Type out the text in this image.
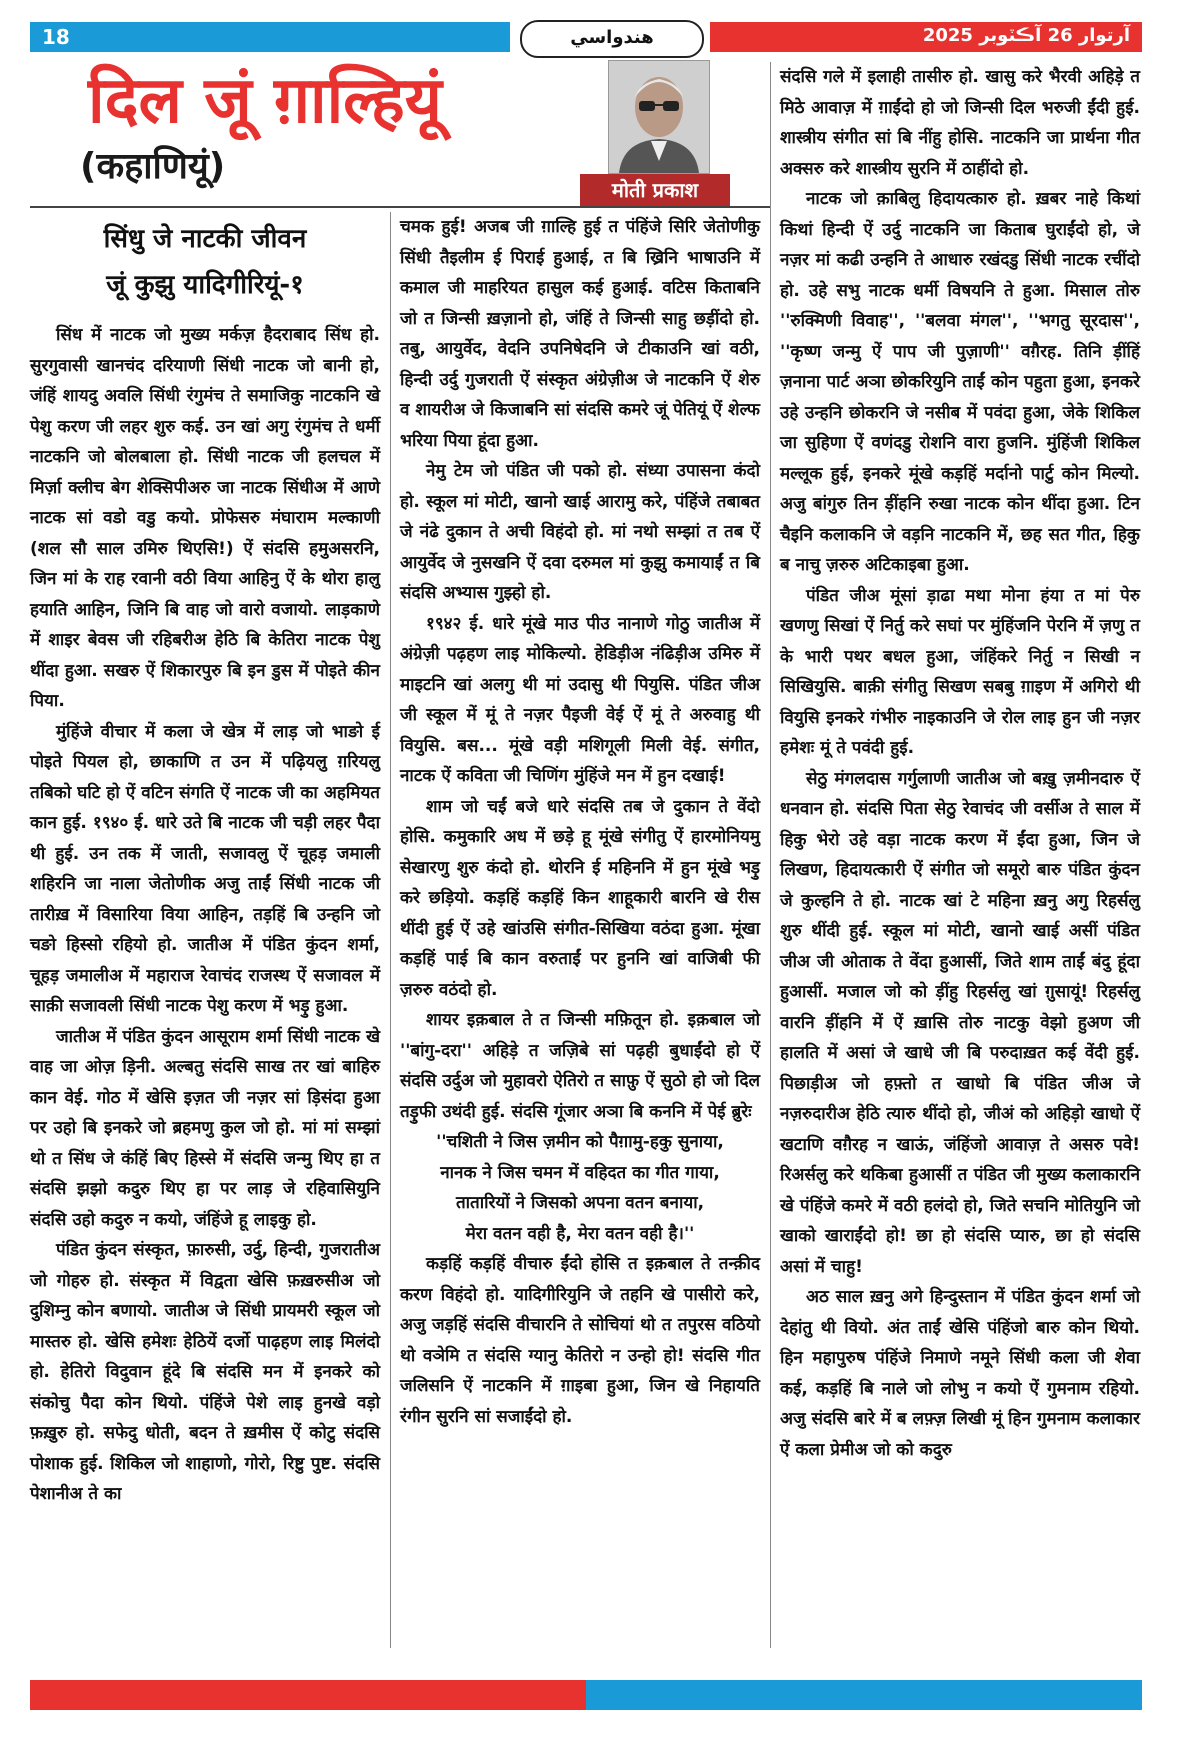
18	آرتوار 26 آڪٽوبر 2025
هندواسي
दिल जूं ग़ाल्हियूं
(कहाणियूं)
मोती प्रकाश
सिंधु जे नाटकी जीवन
जूं कुझु यादिगीरियूं-१

सिंध में नाटक जो मुख्य मर्कज़ हैदराबाद सिंध हो. सुरगुवासी खानचंद दरियाणी सिंधी नाटक जो बानी हो, जंहिं शायदु अवलि सिंधी रंगुमंच ते समाजिकु नाटकनि खे पेशु करण जी लहर शुरु कई. उन खां अगु रंगुमंच ते धर्मी नाटकनि जो बोलबाला हो. सिंधी नाटक जी हलचल में मिर्ज़ा क्लीच बेग शेक्सिपीअरु जा नाटक सिंधीअ में आणे नाटक सां वडो वडु कयो. प्रोफेसरु मंघाराम मल्काणी (शल सौ साल उमिरु थिएसि!) ऐं संदसि हमुअसरनि, जिन मां के राह रवानी वठी विया आहिनु ऐं के थोरा हालु हयाति आहिन, जिनि बि वाह जो वारो वजायो. लाड़काणे में शाइर बेवस जी रहिबरीअ हेठि बि केतिरा नाटक पेशु थींदा हुआ. सखरु ऐं शिकारपुरु बि इन डुस में पोइते कीन पिया.

मुंहिंजे वीचार में कला जे खेत्र में लाड़ जो भाङो ई पोइते पियल हो, छाकाणि त उन में पढ़ियलु ग़रियलु तबिको घटि हो ऐं वटिन संगति ऐं नाटक जी का अहमियत कान हुई. १९४० ई. धारे उते बि नाटक जी चड़ी लहर पैदा थी हुई. उन तक में जाती, सजावलु ऐं चूहड़ जमाली शहिरनि जा नाला जेतोणीक अजु ताईं सिंधी नाटक जी तारीख़ में विसारिया विया आहिन, तड़हिं बि उन्हनि जो चङो हिस्सो रहियो हो. जातीअ में पंडित कुंदन शर्मा, चूहड़ जमालीअ में महाराज रेवाचंद राजस्थ ऐं सजावल में साक़ी सजावली सिंधी नाटक पेशु करण में भड़ु हुआ.

जातीअ में पंडित कुंदन आसूराम शर्मा सिंधी नाटक खे वाह जा ओज़ ड़िनी. अल्बतु संदसि साख तर खां बाहिरु कान वेई. गोठ में खेसि इज़त जी नज़र सां ड़िसंदा हुआ पर उहो बि इनकरे जो ब्रहमणु कुल जो हो. मां मां सम्झां थो त सिंध जे कंहिं बिए हिस्से में संदसि जन्मु थिए हा त संदसि झझो कदुरु थिए हा पर लाड़ जे रहिवासियुनि संदसि उहो कदुरु न कयो, जंहिंजे हू लाइकु हो.

पंडित कुंदन संस्कृत, फ़ारुसी, उर्दु, हिन्दी, गुजरातीअ जो गोहरु हो. संस्कृत में विद्वता खेसि फ़ख़रुसीअ जो दुशिम्नु कोन बणायो. जातीअ जे सिंधी प्रायमरी स्कूल जो मास्तरु हो. खेसि हमेशः हेठियें दर्जो पाढ़हण लाइ मिलंदो हो. हेतिरो विदुवान हूंदे बि संदसि मन में इनकरे को संकोचु पैदा कोन थियो. पंहिंजे पेशे लाइ हुनखे वड़ो फ़ख़ुरु हो. सफेदु धोती, बदन ते ख़मीस ऐं कोटु संदसि पोशाक हुई. शिकिल जो शाहाणो, गोरो, रिष्टु पुष्ट. संदसि पेशानीअ ते का

चमक हुई! अजब जी ग़ाल्हि हुई त पंहिंजे सिरि जेतोणीकु सिंधी तैइलीम ई पिराई हुआई, त बि ख्रिनि भाषाउनि में कमाल जी माहरियत हासुल कई हुआई. वटिस किताबनि जो त जिन्सी ख़ज़ानो हो, जंहिं ते जिन्सी साहु छड़ींदो हो. तबु, आयुर्वेद, वेदनि उपनिषेदनि जे टीकाउनि खां वठी, हिन्दी उर्दु गुजराती ऐं संस्कृत अंग्रेज़ीअ जे नाटकनि ऐं शेरु व शायरीअ जे किजाबनि सां संदसि कमरे जूं पेतियूं ऐं शेल्फ भरिया पिया हूंदा हुआ.

नेमु टेम जो पंडित जी पको हो. संध्या उपासना कंदो हो. स्कूल मां मोटी, खानो खाई आरामु करे, पंहिंजे तबाबत जे नंढे दुकान ते अची विहंदो हो. मां नथो सम्झां त तब ऐं आयुर्वेद जे नुसखनि ऐं दवा दरुमल मां कुझु कमायाईं त बि संदसि अभ्यास गुझ्हो हो.

१९४२ ई. धारे मूंखे माउ पीउ नानाणे गोठु जातीअ में अंग्रेज़ी पढ़हण लाइ मोकिल्यो. हेडिड़ीअ नंढिड़ीअ उमिरु में माइटनि खां अलगु थी मां उदासु थी पियुसि. पंडित जीअ जी स्कूल में मूं ते नज़र पैइजी वेई ऐं मूं ते अरुवाहु थी वियुसि. बस... मूंखे वड़ी मशिगूली मिली वेई. संगीत, नाटक ऐं कविता जी चिणिंग मुंहिंजे मन में हुन दखाई!

शाम जो चईं बजे धारे संदसि तब जे दुकान ते वेंदो होसि. कमुकारि अध में छड़े हू मूंखे संगीतु ऐं हारमोनियमु सेखारणु शुरु कंदो हो. थोरनि ई महिननि में हुन मूंखे भड़ु करे छड़ियो. कड़हिं कड़हिं किन शाहूकारी बारनि खे रीस थींदी हुई ऐं उहे खांउसि संगीत-सिखिया वठंदा हुआ. मूंखा कड़हिं पाई बि कान वरुताईं पर हुननि खां वाजिबी फी ज़रुरु वठंदो हो.

शायर इक़बाल ते त जिन्सी मफ़ितून हो. इक़बाल जो ''बांगु-दरा'' अहिड़े त जज़िबे सां पढ़ही बुधाईंदो हो ऐं संदसि उर्दुअ जो मुहावरो ऐतिरो त साफ़ु ऐं सुठो हो जो दिल तड़ुफी उथंदी हुई. संदसि गूंजार अञा बि कननि में पेई ब्रुरेः

''चशिती ने जिस ज़मीन को पैग़ामु-हकु सुनाया,

नानक ने जिस चमन में वहिदत का गीत गाया,

तातारियों ने जिसको अपना वतन बनाया,

मेरा वतन वही है, मेरा वतन वही है।''

कड़हिं कड़हिं वीचारु ईंदो होसि त इक़बाल ते तन्क़ीद करण विहंदो हो. यादिगीरियुनि जे तहनि खे पासीरो करे, अजु जड़हिं संदसि वीचारनि ते सोचियां थो त तपुरस वठियो थो वञेमि त संदसि ग्यानु केतिरो न उन्हो हो! संदसि गीत जलिसनि ऐं नाटकनि में ग़ाइबा हुआ, जिन खे निहायति रंगीन सुरनि सां सजाईंदो हो.

संदसि गले में इलाही तासीरु हो. खासु करे भैरवी अहिड़े त मिठे आवाज़ में ग़ाईंदो हो जो जिन्सी दिल भरुजी ईंदी हुई. शास्त्रीय संगीत सां बि नींहु होसि. नाटकनि जा प्रार्थना गीत अक्सरु करे शास्त्रीय सुरनि में ठाहींदो हो.

नाटक जो क़ाबिलु हिदायत्कारु हो. ख़बर नाहे किथां किथां हिन्दी ऐं उर्दु नाटकनि जा किताब घुराईंदो हो, जे नज़र मां कढी उन्हनि ते आधारु रखंदडु सिंधी नाटक रचींदो हो. उहे सभु नाटक धर्मी विषयनि ते हुआ. मिसाल तोरु ''रुक्मिणी विवाह'', ''बलवा मंगल'', ''भगतु सूरदास'', ''कृष्ण जन्मु ऐं पाप जी पुज़ाणी'' वग़ैरह. तिनि ड़ींहिं ज़नाना पार्ट अञा छोकरियुनि ताईं कोन पहुता हुआ, इनकरे उहे उन्हनि छोकरनि जे नसीब में पवंदा हुआ, जेके शिकिल जा सुहिणा ऐं वणंदडु रोशनि वारा हुजनि. मुंहिंजी शिकिल मल्लूक हुई, इनकरे मूंखे कड़हिं मर्दानो पार्टु कोन मिल्यो. अजु बांगुरु तिन ड़ींहनि रुखा नाटक कोन थींदा हुआ. टिन चैइनि कलाकनि जे वड़नि नाटकनि में, छह सत गीत, हिकु ब नाचु ज़रुरु अटिकाइबा हुआ.

पंडित जीअ मूंसां ड़ाढा मथा मोना हंया त मां पेरु खणणु सिखां ऐं निर्तु करे सघां पर मुंहिंजनि पेरनि में ज़णु त के भारी पथर बधल हुआ, जंहिंकरे निर्तु न सिखी न सिखियुसि. बाक़ी संगीतु सिखण सबबु ग़ाइण में अगिरो थी वियुसि इनकरे गंभीरु नाइकाउनि जे रोल लाइ हुन जी नज़र हमेशः मूं ते पवंदी हुई.

सेठु मंगलदास गर्गुलाणी जातीअ जो बख़ु ज़मीनदारु ऐं धनवान हो. संदसि पिता सेठु रेवाचंद जी वर्सीअ ते साल में हिकु भेरो उहे वड़ा नाटक करण में ईंदा हुआ, जिन जे लिखण, हिदायत्कारी ऐं संगीत जो समूरो बारु पंडित कुंदन जे कुल्हनि ते हो. नाटक खां टे महिना ख़नु अगु रिहर्सलु शुरु थींदी हुई. स्कूल मां मोटी, खानो खाई असीं पंडित जीअ जी ओताक ते वेंदा हुआसीं, जिते शाम ताईं बंदु हूंदा हुआसीं. मजाल जो को ड़ींहु रिहर्सलु खां ग़ुसायूं! रिहर्सलु वारनि ड़ींहनि में ऐं ख़ासि तोरु नाटकु वेझो हुअण जी हालति में असां जे खाधे जी बि परुदाख़त कई वेंदी हुई. पिछाड़ीअ जो हफ़्तो त खाधो बि पंडित जीअ जे नज़रुदारीअ हेठि त्यारु थींदो हो, जीअं को अहिड़ो खाधो ऐं खटाणि वग़ैरह न खाऊं, जंहिंजो आवाज़ ते असरु पवे! रिअर्सलु करे थकिबा हुआसीं त पंडित जी मुख्य कलाकारनि खे पंहिंजे कमरे में वठी हलंदो हो, जिते सचनि मोतियुनि जो खाको खाराईंदो हो! छा हो संदसि प्यारु, छा हो संदसि असां में चाहु!

अठ साल ख़नु अगे हिन्दुस्तान में पंडित कुंदन शर्मा जो देहांतु थी वियो. अंत ताईं खेसि पंहिंजो बारु कोन थियो. हिन महापुरुष पंहिंजे निमाणे नमूने सिंधी कला जी शेवा कई, कड़हिं बि नाले जो लोभु न कयो ऐं गुमनाम रहियो. अजु संदसि बारे में ब लफ़्ज़ लिखी मूं हिन गुमनाम कलाकार ऐं कला प्रेमीअ जो को कदुरु
